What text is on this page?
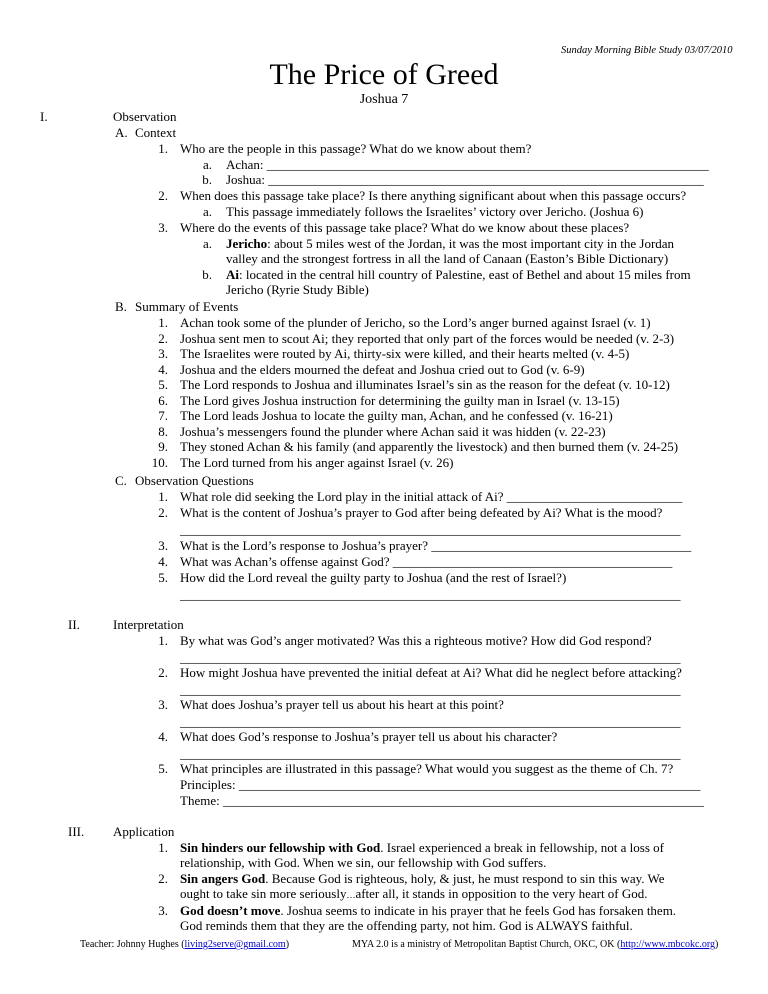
Sunday Morning Bible Study 03/07/2010
The Price of Greed
Joshua 7
I.	Observation
A. Context
1. Who are the people in this passage? What do we know about them?
a. Achan: ____________________________________________________________________
b. Joshua: ___________________________________________________________________
2. When does this passage take place? Is there anything significant about when this passage occurs?
a. This passage immediately follows the Israelites’ victory over Jericho. (Joshua 6)
3. Where do the events of this passage take place? What do we know about these places?
a. Jericho: about 5 miles west of the Jordan, it was the most important city in the Jordan
valley and the strongest fortress in all the land of Canaan (Easton’s Bible Dictionary)
b. Ai: located in the central hill country of Palestine, east of Bethel and about 15 miles from
Jericho (Ryrie Study Bible)
B. Summary of Events
1. Achan took some of the plunder of Jericho, so the Lord’s anger burned against Israel (v. 1)
2. Joshua sent men to scout Ai; they reported that only part of the forces would be needed (v. 2-3)
3. The Israelites were routed by Ai, thirty-six were killed, and their hearts melted (v. 4-5)
4. Joshua and the elders mourned the defeat and Joshua cried out to God (v. 6-9)
5. The Lord responds to Joshua and illuminates Israel’s sin as the reason for the defeat (v. 10-12)
6. The Lord gives Joshua instruction for determining the guilty man in Israel (v. 13-15)
7. The Lord leads Joshua to locate the guilty man, Achan, and he confessed (v. 16-21)
8. Joshua’s messengers found the plunder where Achan said it was hidden (v. 22-23)
9. They stoned Achan & his family (and apparently the livestock) and then burned them (v. 24-25)
10. The Lord turned from his anger against Israel (v. 26)
C. Observation Questions
1. What role did seeking the Lord play in the initial attack of Ai? ___________________________
2. What is the content of Joshua’s prayer to God after being defeated by Ai? What is the mood?
_____________________________________________________________________________
3. What is the Lord’s response to Joshua’s prayer? ________________________________________
4. What was Achan’s offense against God? ___________________________________________
5. How did the Lord reveal the guilty party to Joshua (and the rest of Israel?)
_____________________________________________________________________________
II.	Interpretation
1. By what was God’s anger motivated? Was this a righteous motive? How did God respond?
_____________________________________________________________________________
2. How might Joshua have prevented the initial defeat at Ai? What did he neglect before attacking?
_____________________________________________________________________________
3. What does Joshua’s prayer tell us about his heart at this point?
_____________________________________________________________________________
4. What does God’s response to Joshua’s prayer tell us about his character?
_____________________________________________________________________________
5. What principles are illustrated in this passage? What would you suggest as the theme of Ch. 7?
Principles: _______________________________________________________________________
Theme: __________________________________________________________________________
III. Application
1. Sin hinders our fellowship with God. Israel experienced a break in fellowship, not a loss of
relationship, with God. When we sin, our fellowship with God suffers.
2. Sin angers God. Because God is righteous, holy, & just, he must respond to sin this way. We
ought to take sin more seriously…after all, it stands in opposition to the very heart of God.
3. God doesn’t move. Joshua seems to indicate in his prayer that he feels God has forsaken them.
God reminds them that they are the offending party, not him. God is ALWAYS faithful.
Teacher: Johnny Hughes (living2serve@gmail.com)	MYA 2.0 is a ministry of Metropolitan Baptist Church, OKC, OK (http://www.mbcokc.org)
